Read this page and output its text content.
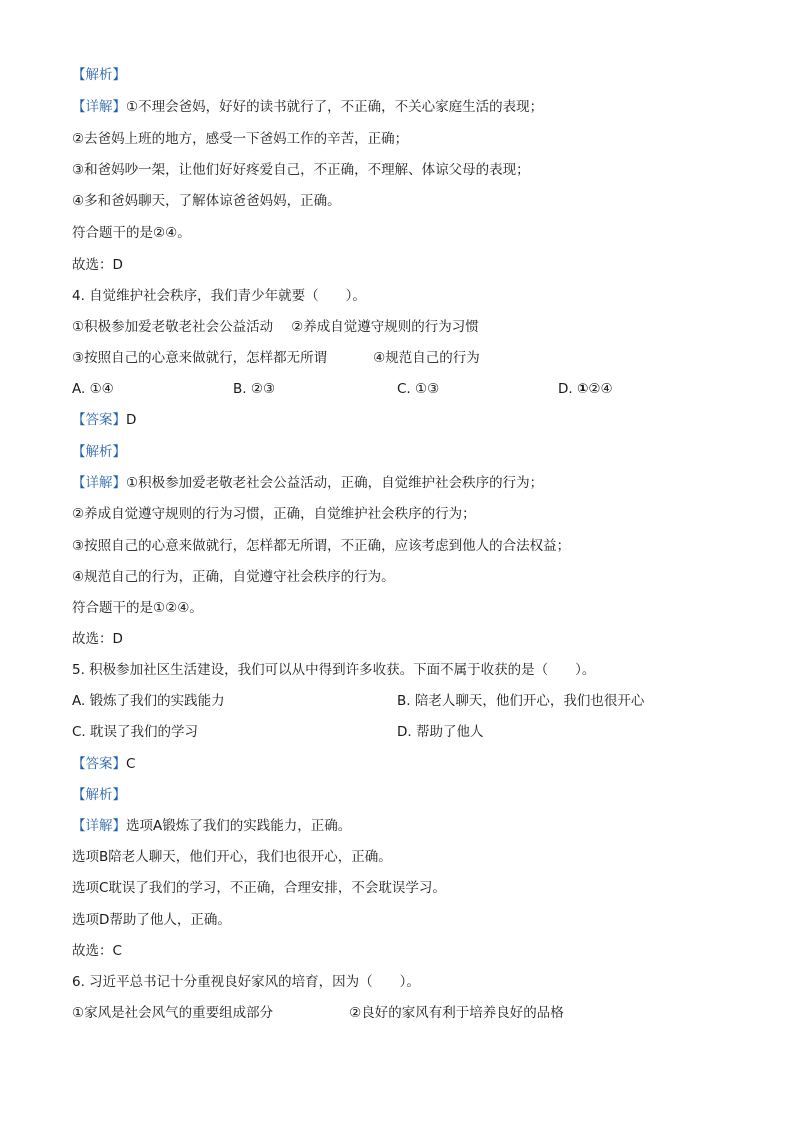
【解析】
【详解】①不理会爸妈，好好的读书就行了，不正确，不关心家庭生活的表现；
②去爸妈上班的地方，感受一下爸妈工作的辛苦，正确；
③和爸妈吵一架，让他们好好疼爱自己，不正确，不理解、体谅父母的表现；
④多和爸妈聊天，了解体谅爸爸妈妈，正确。
符合题干的是②④。
故选：D
4. 自觉维护社会秩序，我们青少年就要（　　）。
①积极参加爱老敬老社会公益活动 ②养成自觉遵守规则的行为习惯
③按照自己的心意来做就行，怎样都无所谓	④规范自己的行为
A. ①④	B. ②③	C. ①③	D. ①②④
【答案】D
【解析】
【详解】①积极参加爱老敬老社会公益活动，正确，自觉维护社会秩序的行为；
②养成自觉遵守规则的行为习惯，正确，自觉维护社会秩序的行为；
③按照自己的心意来做就行，怎样都无所谓，不正确，应该考虑到他人的合法权益；
④规范自己的行为，正确，自觉遵守社会秩序的行为。
符合题干的是①②④。
故选：D
5. 积极参加社区生活建设，我们可以从中得到许多收获。下面不属于收获的是（　　）。
A. 锻炼了我们的实践能力	B. 陪老人聊天，他们开心，我们也很开心
C. 耽误了我们的学习	D. 帮助了他人
【答案】C
【解析】
【详解】选项A锻炼了我们的实践能力，正确。
选项B陪老人聊天，他们开心，我们也很开心，正确。
选项C耽误了我们的学习，不正确，合理安排，不会耽误学习。
选项D帮助了他人，正确。
故选：C
6. 习近平总书记十分重视良好家风的培育，因为（　　）。
①家风是社会风气的重要组成部分	②良好的家风有利于培养良好的品格
